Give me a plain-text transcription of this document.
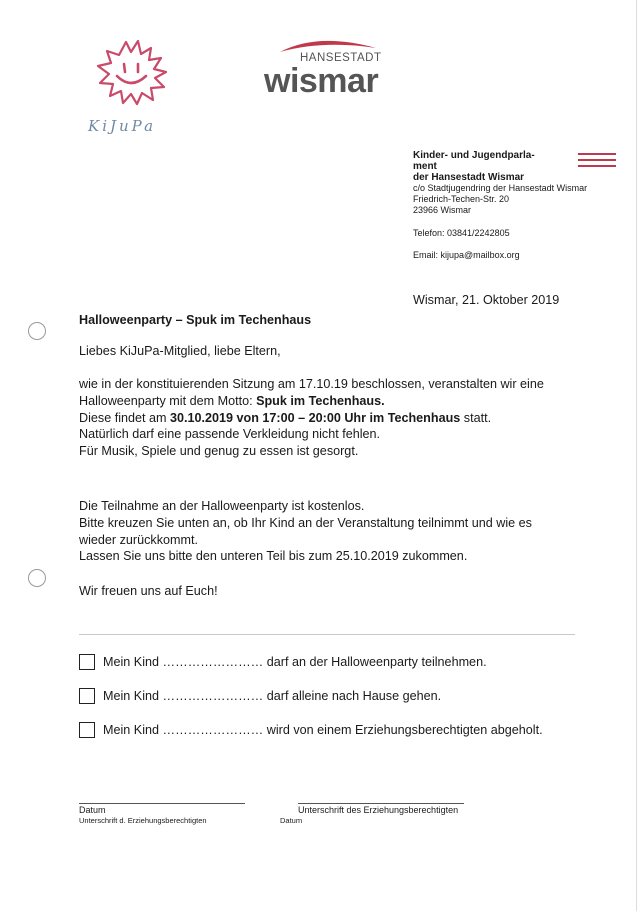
KiJuPa
HANSESTADT
wismar
Kinder- und Jugendparla-
ment
der Hansestadt Wismar
c/o Stadtjugendring der Hansestadt Wismar
Friedrich-Techen-Str. 20
23966 Wismar
Telefon: 03841/2242805
Email: kijupa@mailbox.org
Wismar, 21. Oktober 2019
Halloweenparty – Spuk im Techenhaus
Liebes KiJuPa-Mitglied, liebe Eltern,
wie in der konstituierenden Sitzung am 17.10.19 beschlossen, veranstalten wir eine
Halloweenparty mit dem Motto: Spuk im Techenhaus.
Diese findet am 30.10.2019 von 17:00 – 20:00 Uhr im Techenhaus statt.
Natürlich darf eine passende Verkleidung nicht fehlen.
Für Musik, Spiele und genug zu essen ist gesorgt.
Die Teilnahme an der Halloweenparty ist kostenlos.
Bitte kreuzen Sie unten an, ob Ihr Kind an der Veranstaltung teilnimmt und wie es
wieder zurückkommt.
Lassen Sie uns bitte den unteren Teil bis zum 25.10.2019 zukommen.
Wir freuen uns auf Euch!
Mein Kind …………………… darf an der Halloweenparty teilnehmen.
Mein Kind …………………… darf alleine nach Hause gehen.
Mein Kind …………………… wird von einem Erziehungsberechtigten abgeholt.
Datum
Unterschrift d. Erziehungsberechtigten
Unterschrift des Erziehungsberechtigten
Datum
